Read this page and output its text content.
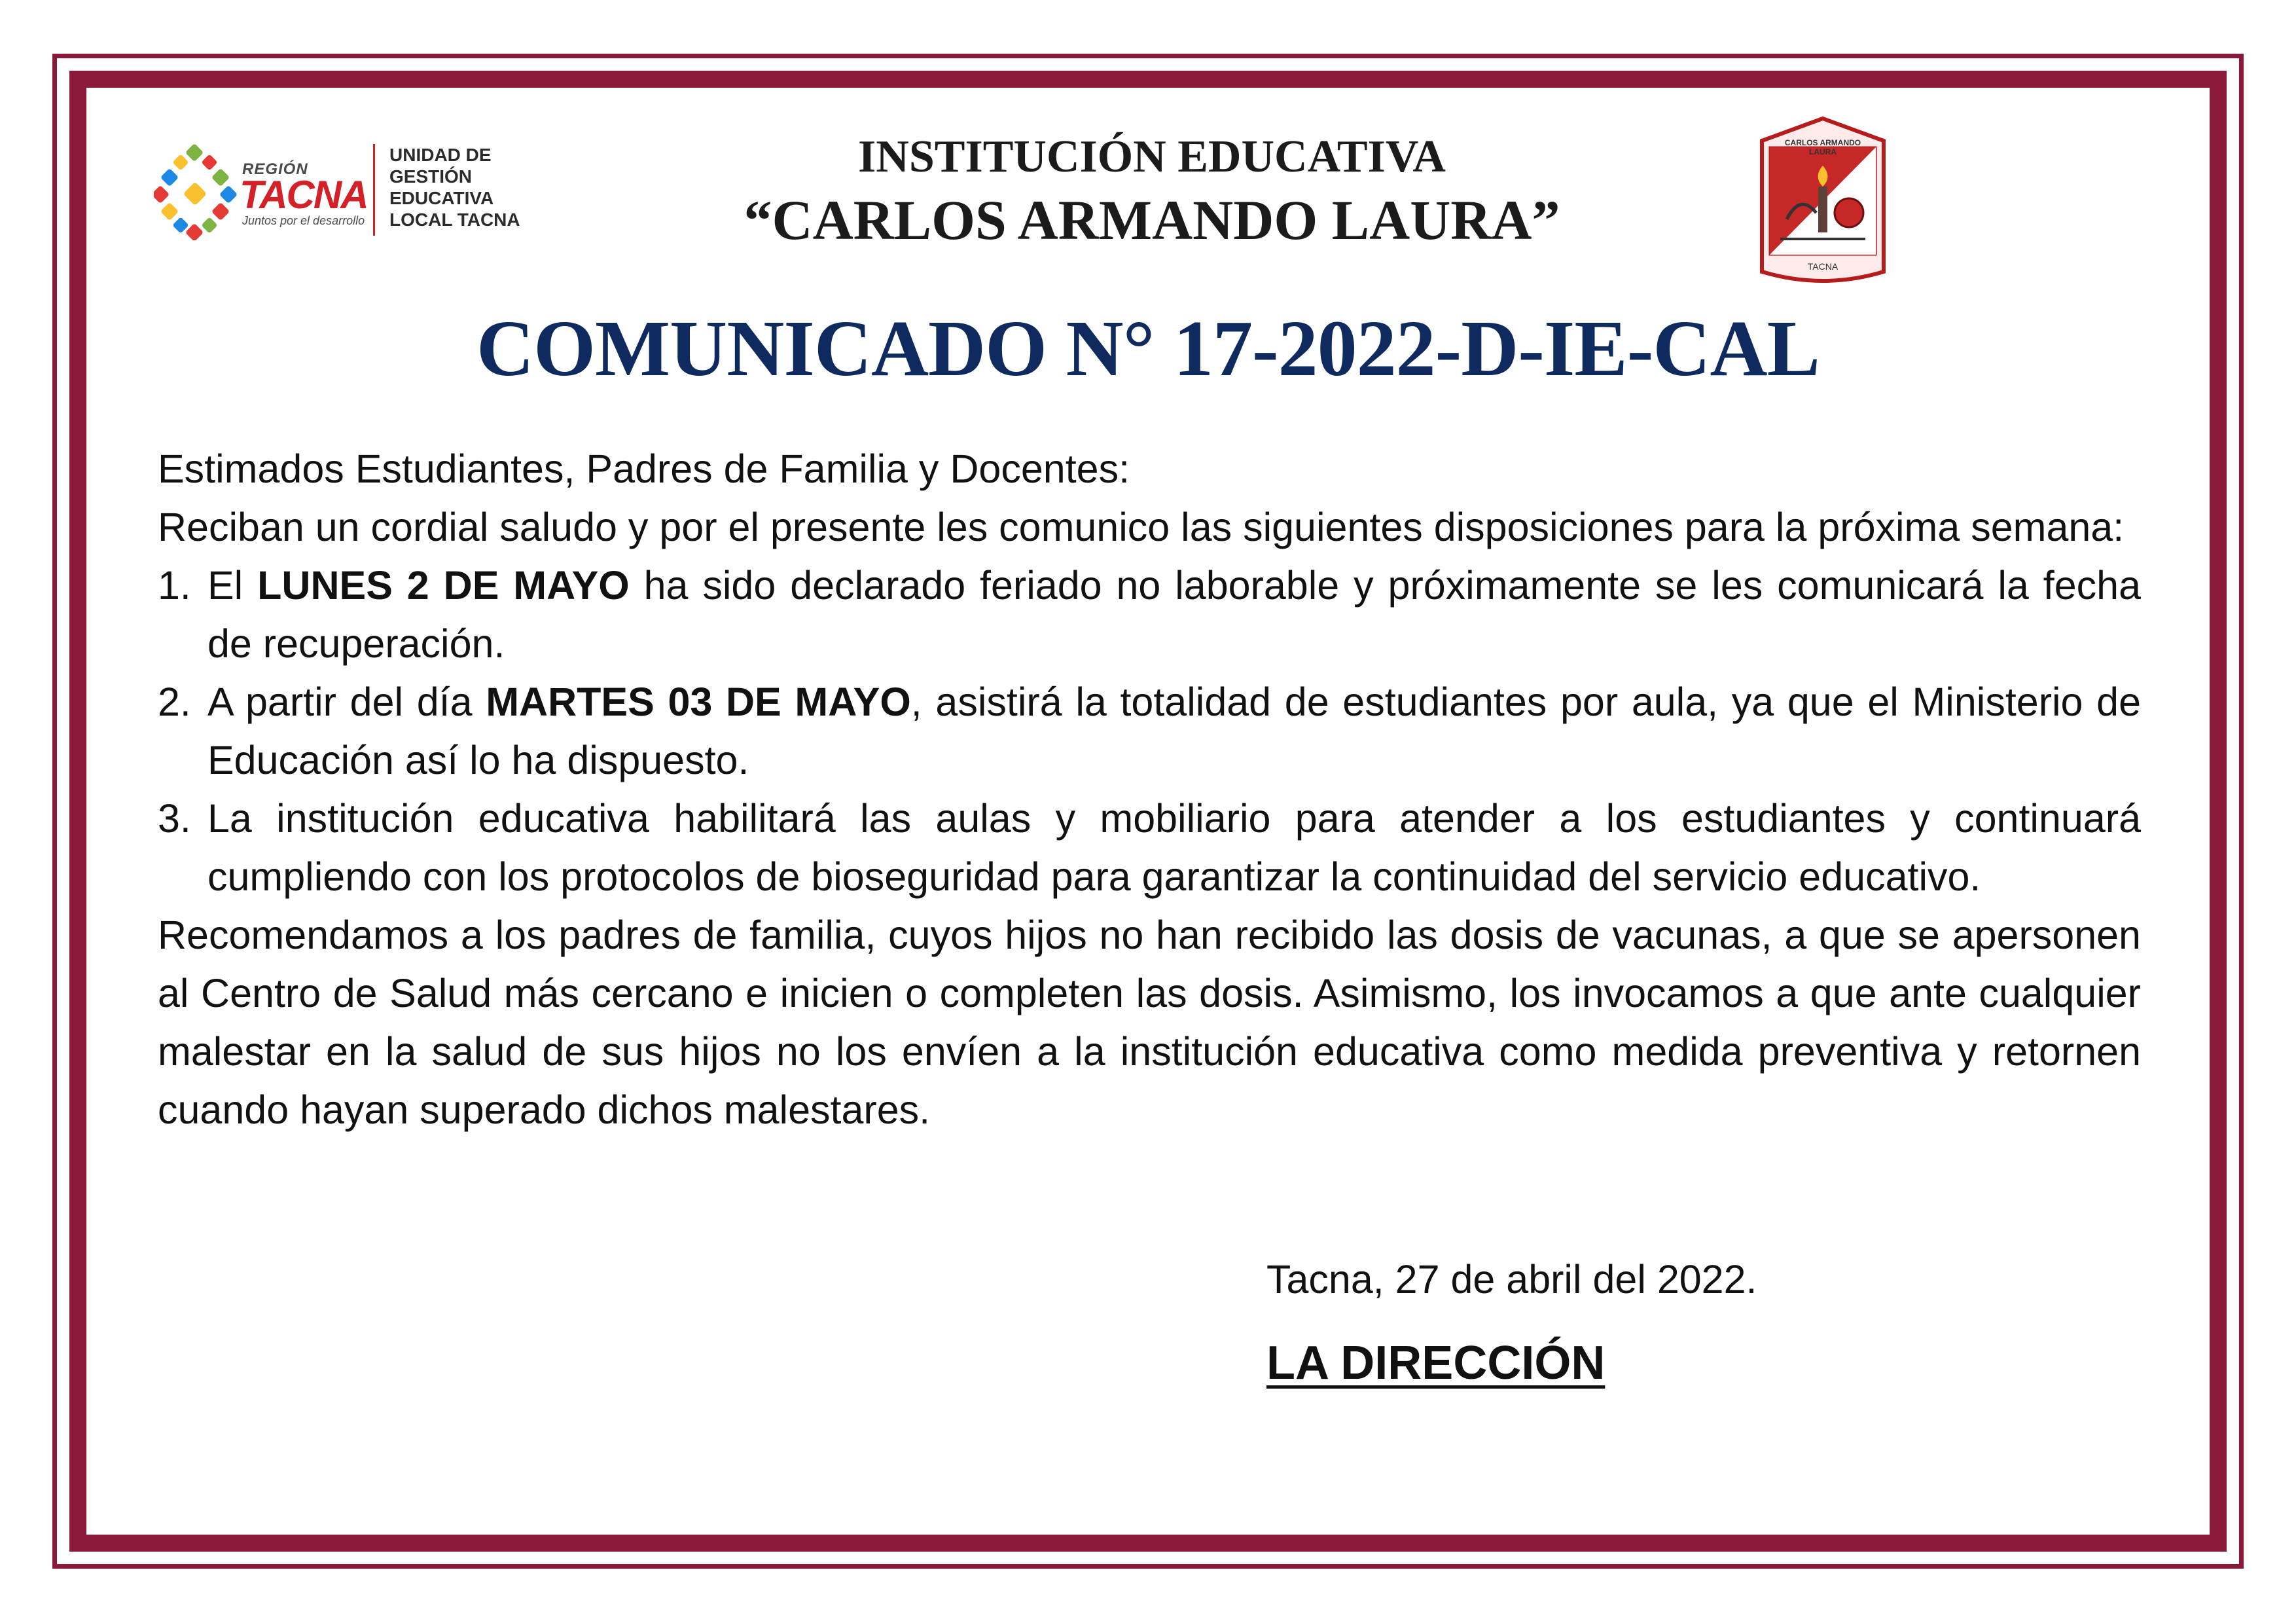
REGIÓN
TACNA
Juntos por el desarrollo
UNIDAD DE
GESTIÓN
EDUCATIVA
LOCAL TACNA
INSTITUCIÓN EDUCATIVA
“CARLOS ARMANDO LAURA”
CARLOS ARMANDO LAURA
TACNA
COMUNICADO N° 17-2022-D-IE-CAL

Estimados Estudiantes, Padres de Familia y Docentes:

Reciban un cordial saludo y por el presente les comunico las siguientes disposiciones para la próxima semana:

1. El LUNES 2 DE MAYO ha sido declarado feriado no laborable y próximamente se les comunicará la fecha de recuperación.
2. A partir del día MARTES 03 DE MAYO, asistirá la totalidad de estudiantes por aula, ya que el Ministerio de Educación así lo ha dispuesto.
3. La institución educativa habilitará las aulas y mobiliario para atender a los estudiantes y continuará cumpliendo con los protocolos de bioseguridad para garantizar la continuidad del servicio educativo.

Recomendamos a los padres de familia, cuyos hijos no han recibido las dosis de vacunas, a que se apersonen al Centro de Salud más cercano e inicien o completen las dosis. Asimismo, los invocamos a que ante cualquier malestar en la salud de sus hijos no los envíen a la institución educativa como medida preventiva y retornen cuando hayan superado dichos malestares.

Tacna, 27 de abril del 2022.
LA DIRECCIÓN
